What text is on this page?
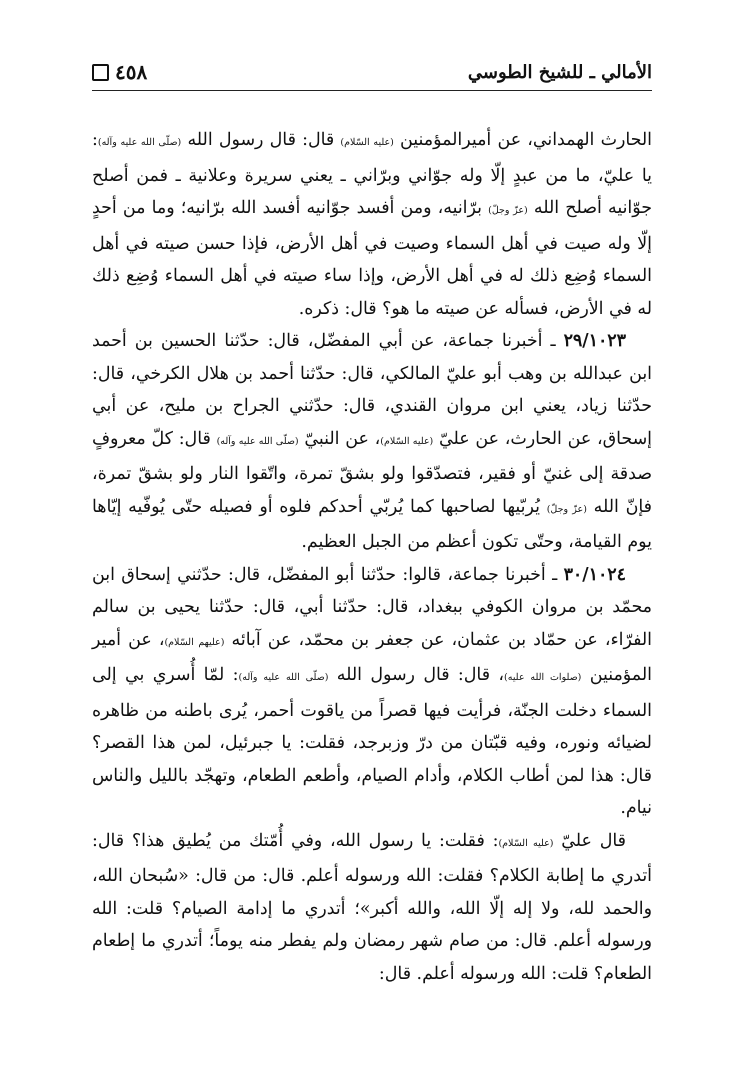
٤٥٨	الأمالي ـ للشيخ الطوسي

الحارث الهمداني، عن أميرالمؤمنين (عليه السّلام) قال: قال رسول الله (صلّى الله عليه وآله): يا عليّ، ما من عبدٍ إلّا وله جوّاني وبرّاني ـ يعني سريرة وعلانية ـ فمن أصلح جوّانيه أصلح الله (عزّ وجلّ) برّانيه، ومن أفسد جوّانيه أفسد الله برّانيه؛ وما من أحدٍ إلّا وله صيت في أهل السماء وصيت في أهل الأرض، فإذا حسن صيته في أهل السماء وُضِع ذلك له في أهل الأرض، وإذا ساء صيته في أهل السماء وُضِع ذلك له في الأرض، فسأله عن صيته ما هو؟ قال: ذكره.

٢٩/١٠٢٣ ـ أخبرنا جماعة، عن أبي المفضّل، قال: حدّثنا الحسين بن أحمد ابن عبدالله بن وهب أبو عليّ المالكي، قال: حدّثنا أحمد بن هلال الكرخي، قال: حدّثنا زياد، يعني ابن مروان القندي، قال: حدّثني الجراح بن مليح، عن أبي إسحاق، عن الحارث، عن عليّ (عليه السّلام)، عن النبيّ (صلّى الله عليه وآله) قال: كلّ معروفٍ صدقة إلى غنيّ أو فقير، فتصدّقوا ولو بشقّ تمرة، واتّقوا النار ولو بشقّ تمرة، فإنّ الله (عزّ وجلّ) يُربّيها لصاحبها كما يُربّي أحدكم فلوه أو فصيله حتّى يُوفّيه إيّاها يوم القيامة، وحتّى تكون أعظم من الجبل العظيم.

٣٠/١٠٢٤ ـ أخبرنا جماعة، قالوا: حدّثنا أبو المفضّل، قال: حدّثني إسحاق ابن محمّد بن مروان الكوفي ببغداد، قال: حدّثنا أبي، قال: حدّثنا يحيى بن سالم الفرّاء، عن حمّاد بن عثمان، عن جعفر بن محمّد، عن آبائه (عليهم السّلام)، عن أمير المؤمنين (صلوات الله عليه)، قال: قال رسول الله (صلّى الله عليه وآله): لمّا أُسري بي إلى السماء دخلت الجنّة، فرأيت فيها قصراً من ياقوت أحمر، يُرى باطنه من ظاهره لضيائه ونوره، وفيه قبّتان من درّ وزبرجد، فقلت: يا جبرئيل، لمن هذا القصر؟ قال: هذا لمن أطاب الكلام، وأدام الصيام، وأطعم الطعام، وتهجّد بالليل والناس نيام.

قال عليّ (عليه السّلام): فقلت: يا رسول الله، وفي أُمّتك من يُطيق هذا؟ قال: أتدري ما إطابة الكلام؟ فقلت: الله ورسوله أعلم. قال: من قال: «سُبحان الله، والحمد لله، ولا إله إلّا الله، والله أكبر»؛ أتدري ما إدامة الصيام؟ قلت: الله ورسوله أعلم. قال: من صام شهر رمضان ولم يفطر منه يوماً؛ أتدري ما إطعام الطعام؟ قلت: الله ورسوله أعلم. قال:
